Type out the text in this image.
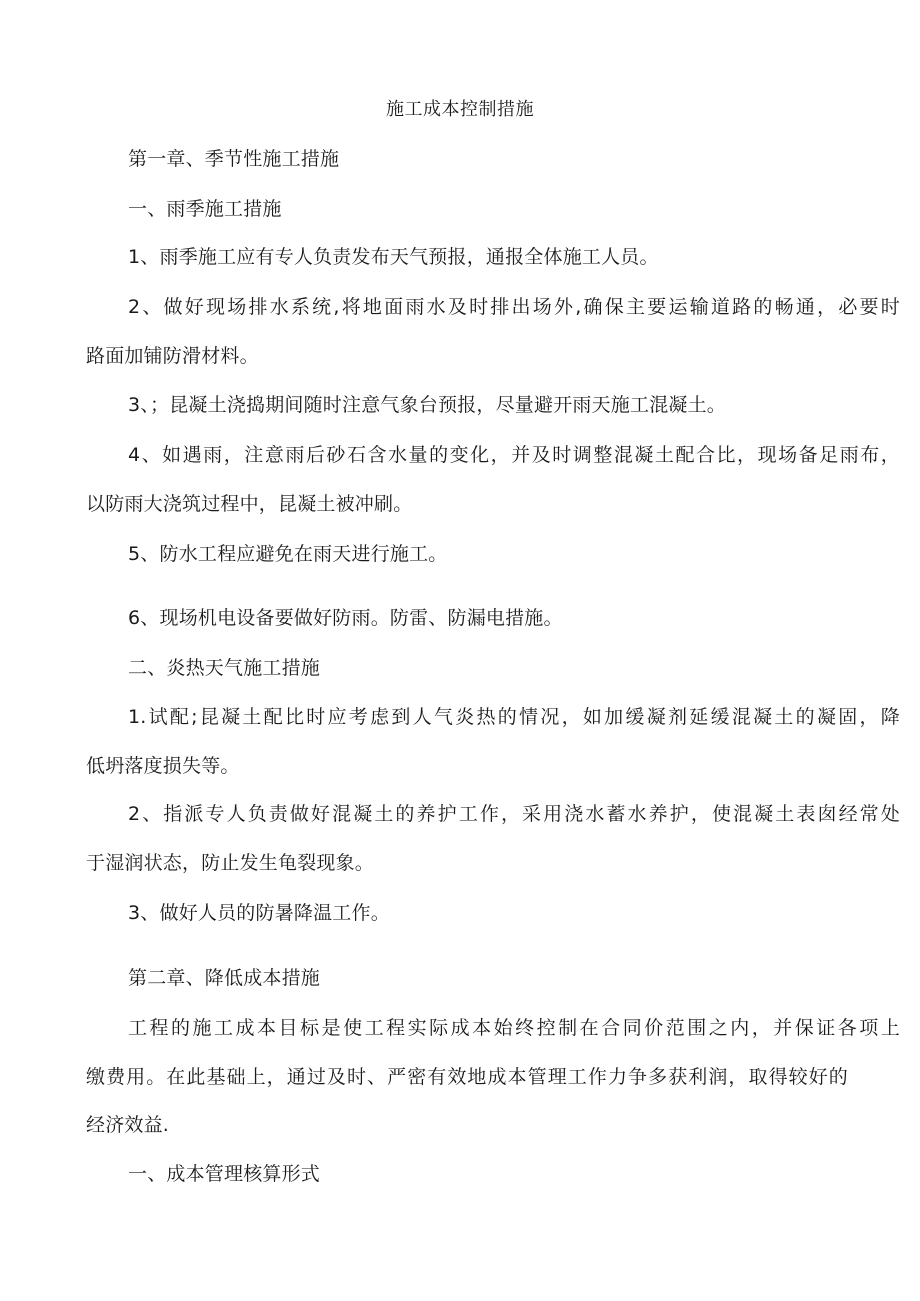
施工成本控制措施
第一章、季节性施工措施
一、雨季施工措施
1、雨季施工应有专人负责发布天气预报，通报全体施工人员。
2、做好现场排水系统,将地面雨水及时排出场外,确保主要运输道路的畅通，必要时
路面加铺防滑材料。
3、；昆凝土浇捣期间随时注意气象台预报，尽量避开雨天施工混凝土。
4、如遇雨，注意雨后砂石含水量的变化，并及时调整混凝土配合比，现场备足雨布，
以防雨大浇筑过程中，昆凝土被冲刷。
5、防水工程应避免在雨天进行施工。
6、现场机电设备要做好防雨。防雷、防漏电措施。
二、炎热天气施工措施
1.试配;昆凝土配比时应考虑到人气炎热的情况，如加缓凝剂延缓混凝土的凝固，降
低坍落度损失等。
2、指派专人负责做好混凝土的养护工作，采用浇水蓄水养护，使混凝土表囱经常处
于湿润状态，防止发生龟裂现象。
3、做好人员的防暑降温工作。
第二章、降低成本措施
工程的施工成本目标是使工程实际成本始终控制在合同价范围之内，并保证各项上
缴费用。在此基础上，通过及时、严密有效地成本管理工作力争多获利润，取得较好的
经济效益.
一、成本管理核算形式
